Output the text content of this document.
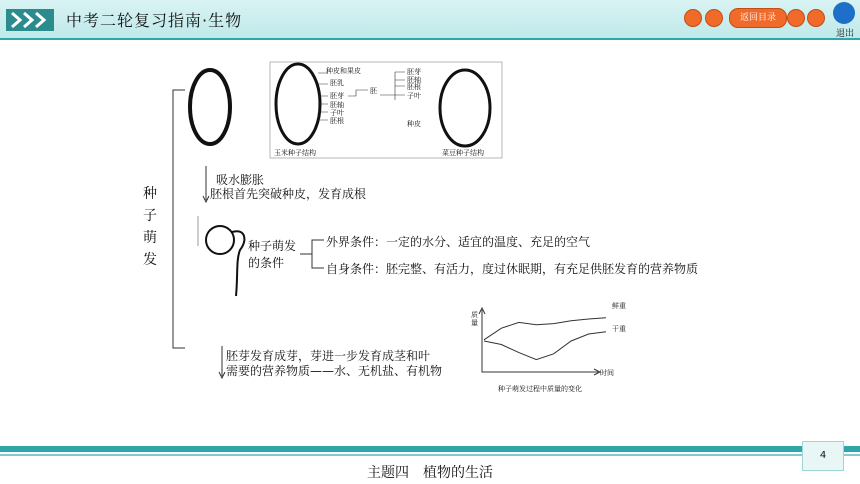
中考二轮复习指南·生物	返回目录
退出
种皮和果皮
胚乳
胚芽
胚轴
子叶
胚根
胚
胚芽
胚轴
胚根
子叶
种皮
玉米种子结构	菜豆种子结构
种
子
萌
发
吸水膨胀
胚根首先突破种皮，发育成根
种子萌发
的条件
外界条件：一定的水分、适宜的温度、充足的空气
自身条件：胚完整、有活力，度过休眠期，有充足供胚发育的营养物质
胚芽发育成芽，芽进一步发育成茎和叶
需要的营养物质——水、无机盐、有机物
质量
时间
鲜重
干重
种子萌发过程中质量的变化
4
主题四　植物的生活
